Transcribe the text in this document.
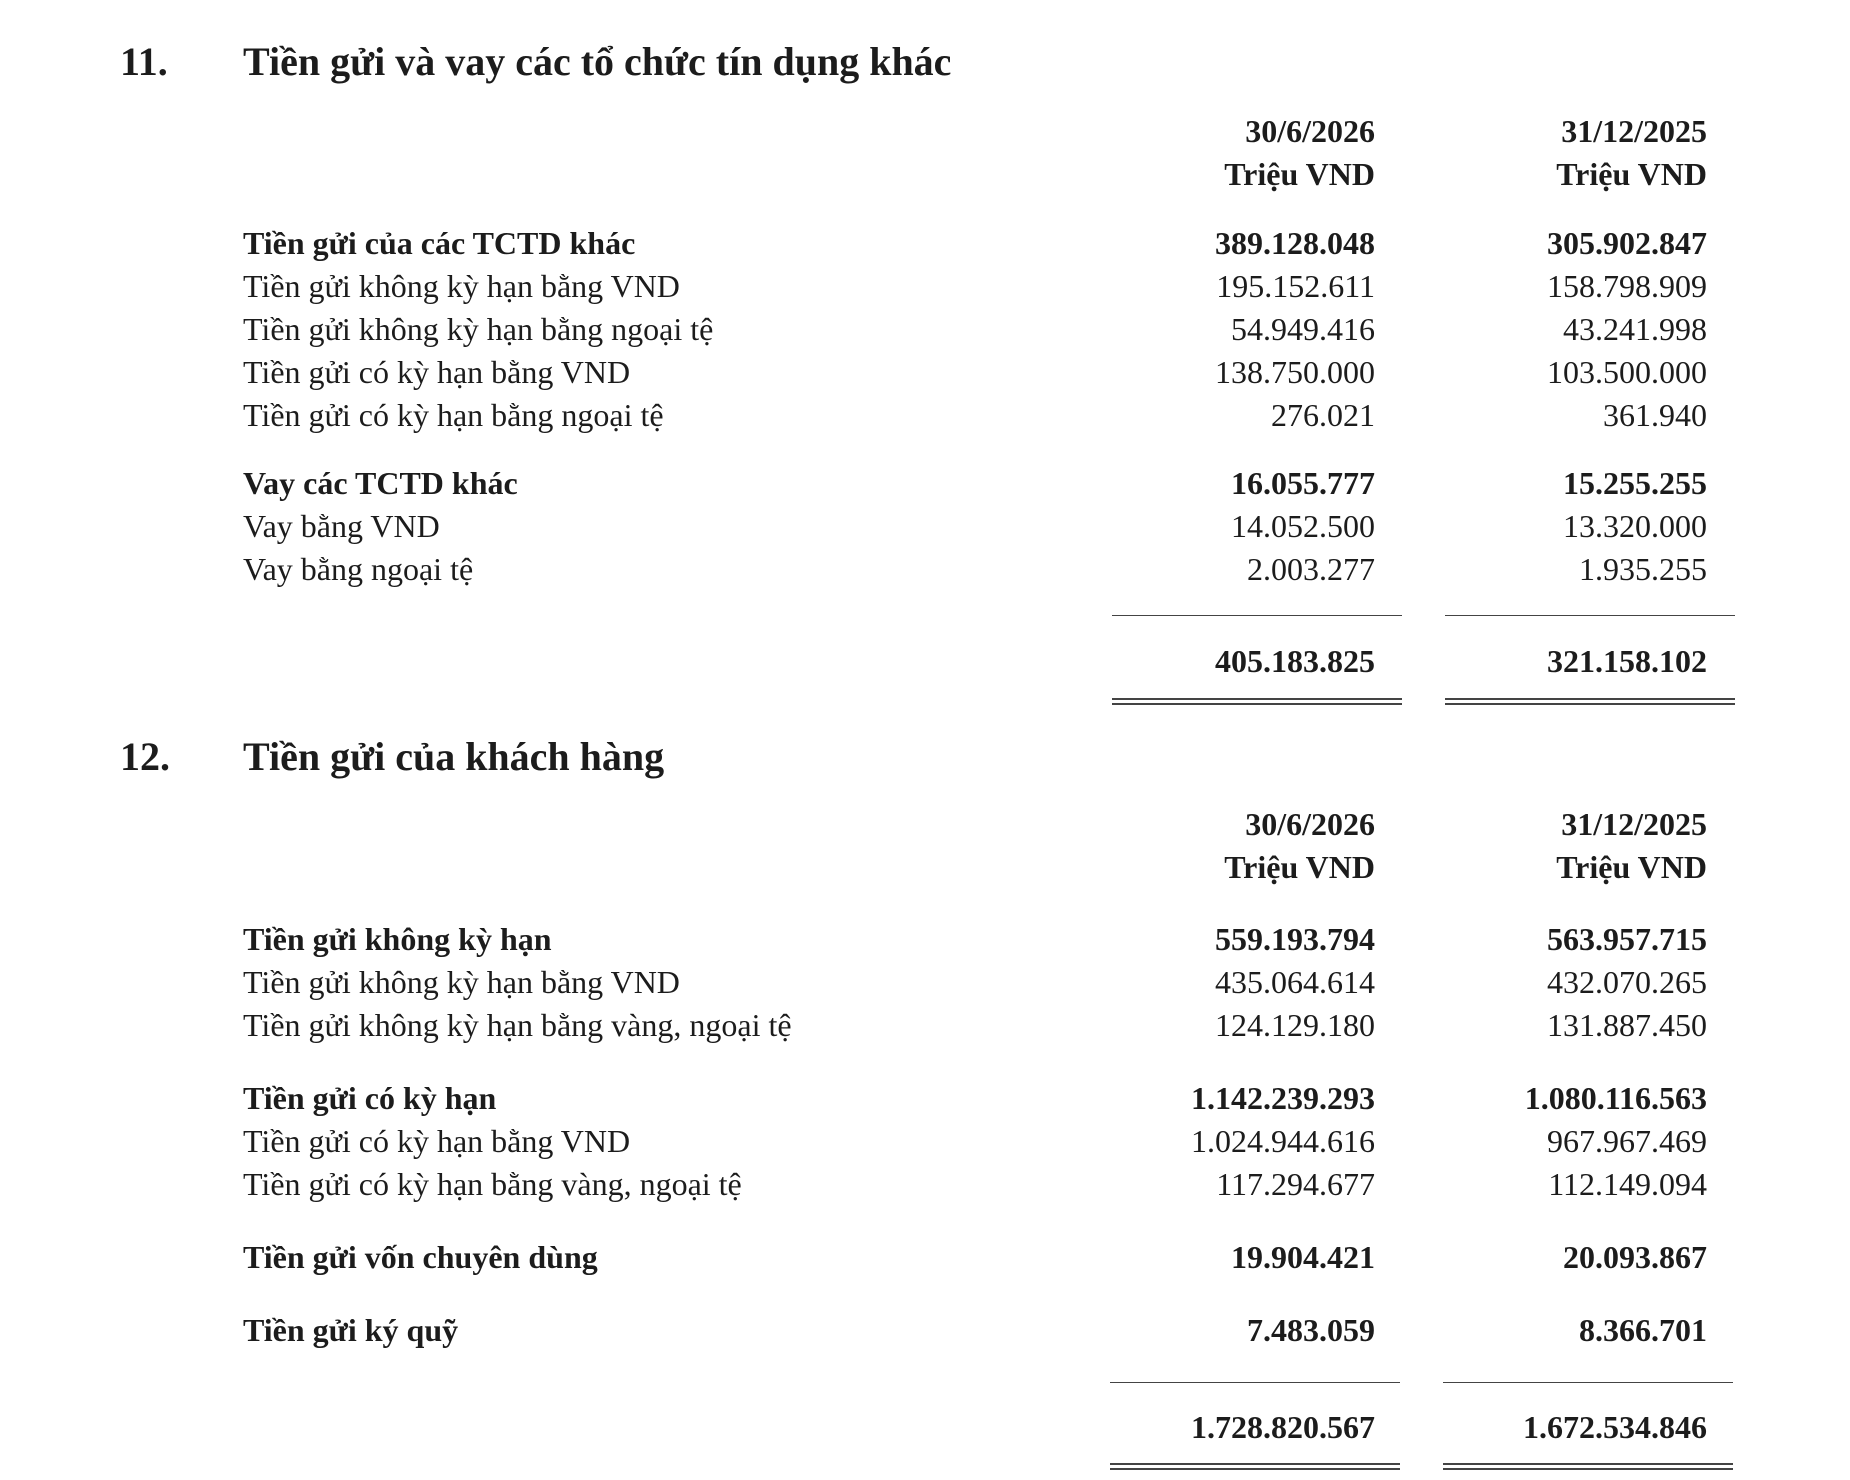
11. Tiền gửi và vay các tổ chức tín dụng khác
30/6/2026
Triệu VND
31/12/2025
Triệu VND
Tiền gửi của các TCTD khác	389.128.048	305.902.847
Tiền gửi không kỳ hạn bằng VND	195.152.611	158.798.909
Tiền gửi không kỳ hạn bằng ngoại tệ	54.949.416	43.241.998
Tiền gửi có kỳ hạn bằng VND	138.750.000	103.500.000
Tiền gửi có kỳ hạn bằng ngoại tệ	276.021	361.940
Vay các TCTD khác	16.055.777	15.255.255
Vay bằng VND	14.052.500	13.320.000
Vay bằng ngoại tệ	2.003.277	1.935.255
405.183.825	321.158.102
12. Tiền gửi của khách hàng
30/6/2026
Triệu VND
31/12/2025
Triệu VND
Tiền gửi không kỳ hạn	559.193.794	563.957.715
Tiền gửi không kỳ hạn bằng VND	435.064.614	432.070.265
Tiền gửi không kỳ hạn bằng vàng, ngoại tệ	124.129.180	131.887.450
Tiền gửi có kỳ hạn	1.142.239.293	1.080.116.563
Tiền gửi có kỳ hạn bằng VND	1.024.944.616	967.967.469
Tiền gửi có kỳ hạn bằng vàng, ngoại tệ	117.294.677	112.149.094
Tiền gửi vốn chuyên dùng	19.904.421	20.093.867
Tiền gửi ký quỹ	7.483.059	8.366.701
1.728.820.567	1.672.534.846
